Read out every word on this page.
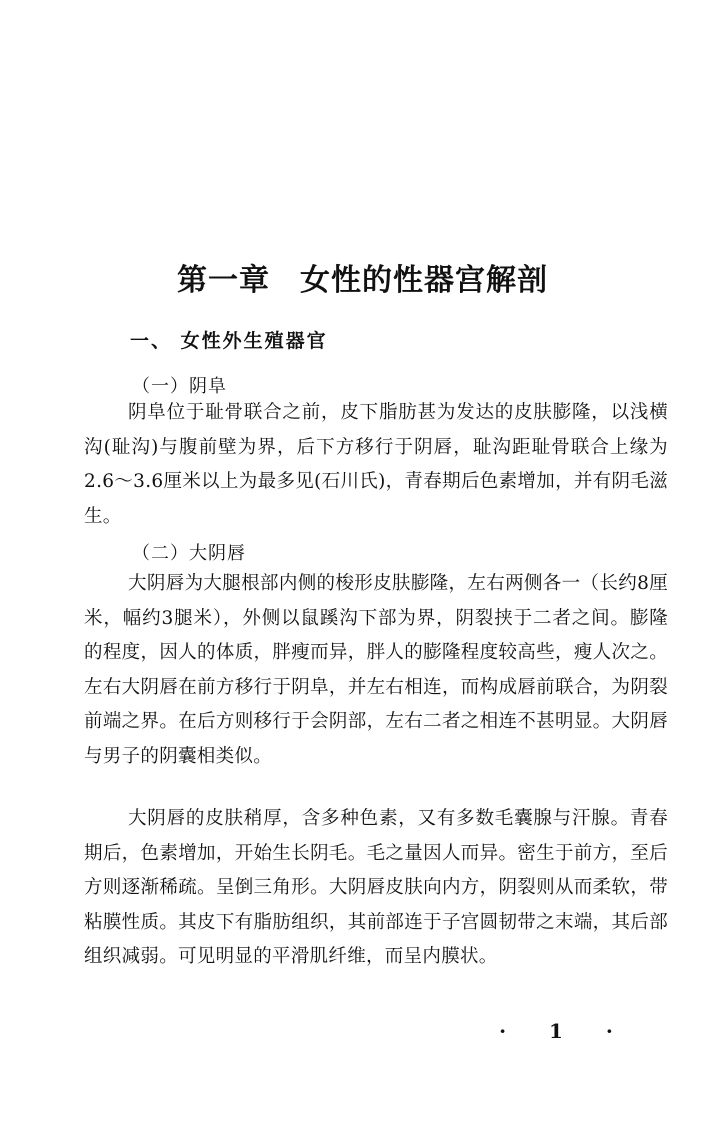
第一章 女性的性器宫解剖
一、 女性外生殖器官
（一）阴阜
阴阜位于耻骨联合之前，皮下脂肪甚为发达的皮肤膨隆，以浅横沟(耻沟)与腹前壁为界，后下方移行于阴唇，耻沟距耻骨联合上缘为2.6～3.6厘米以上为最多见(石川氏)，青春期后色素增加，并有阴毛滋生。
（二）大阴唇
大阴唇为大腿根部内侧的梭形皮肤膨隆，左右两侧各一（长约8厘米，幅约3腿米），外侧以鼠蹊沟下部为界，阴裂挟于二者之间。膨隆的程度，因人的体质，胖瘦而异，胖人的膨隆程度较高些，瘦人次之。左右大阴唇在前方移行于阴阜，并左右相连，而构成唇前联合，为阴裂前端之界。在后方则移行于会阴部，左右二者之相连不甚明显。大阴唇与男子的阴囊相类似。
大阴唇的皮肤稍厚，含多种色素，又有多数毛囊腺与汗腺。青春期后，色素增加，开始生长阴毛。毛之量因人而异。密生于前方，至后方则逐渐稀疏。呈倒三角形。大阴唇皮肤向内方，阴裂则从而柔软，带粘膜性质。其皮下有脂肪组织，其前部连于子宫圆韧带之末端，其后部组织减弱。可见明显的平滑肌纤维，而呈内膜状。
· 1 ·
